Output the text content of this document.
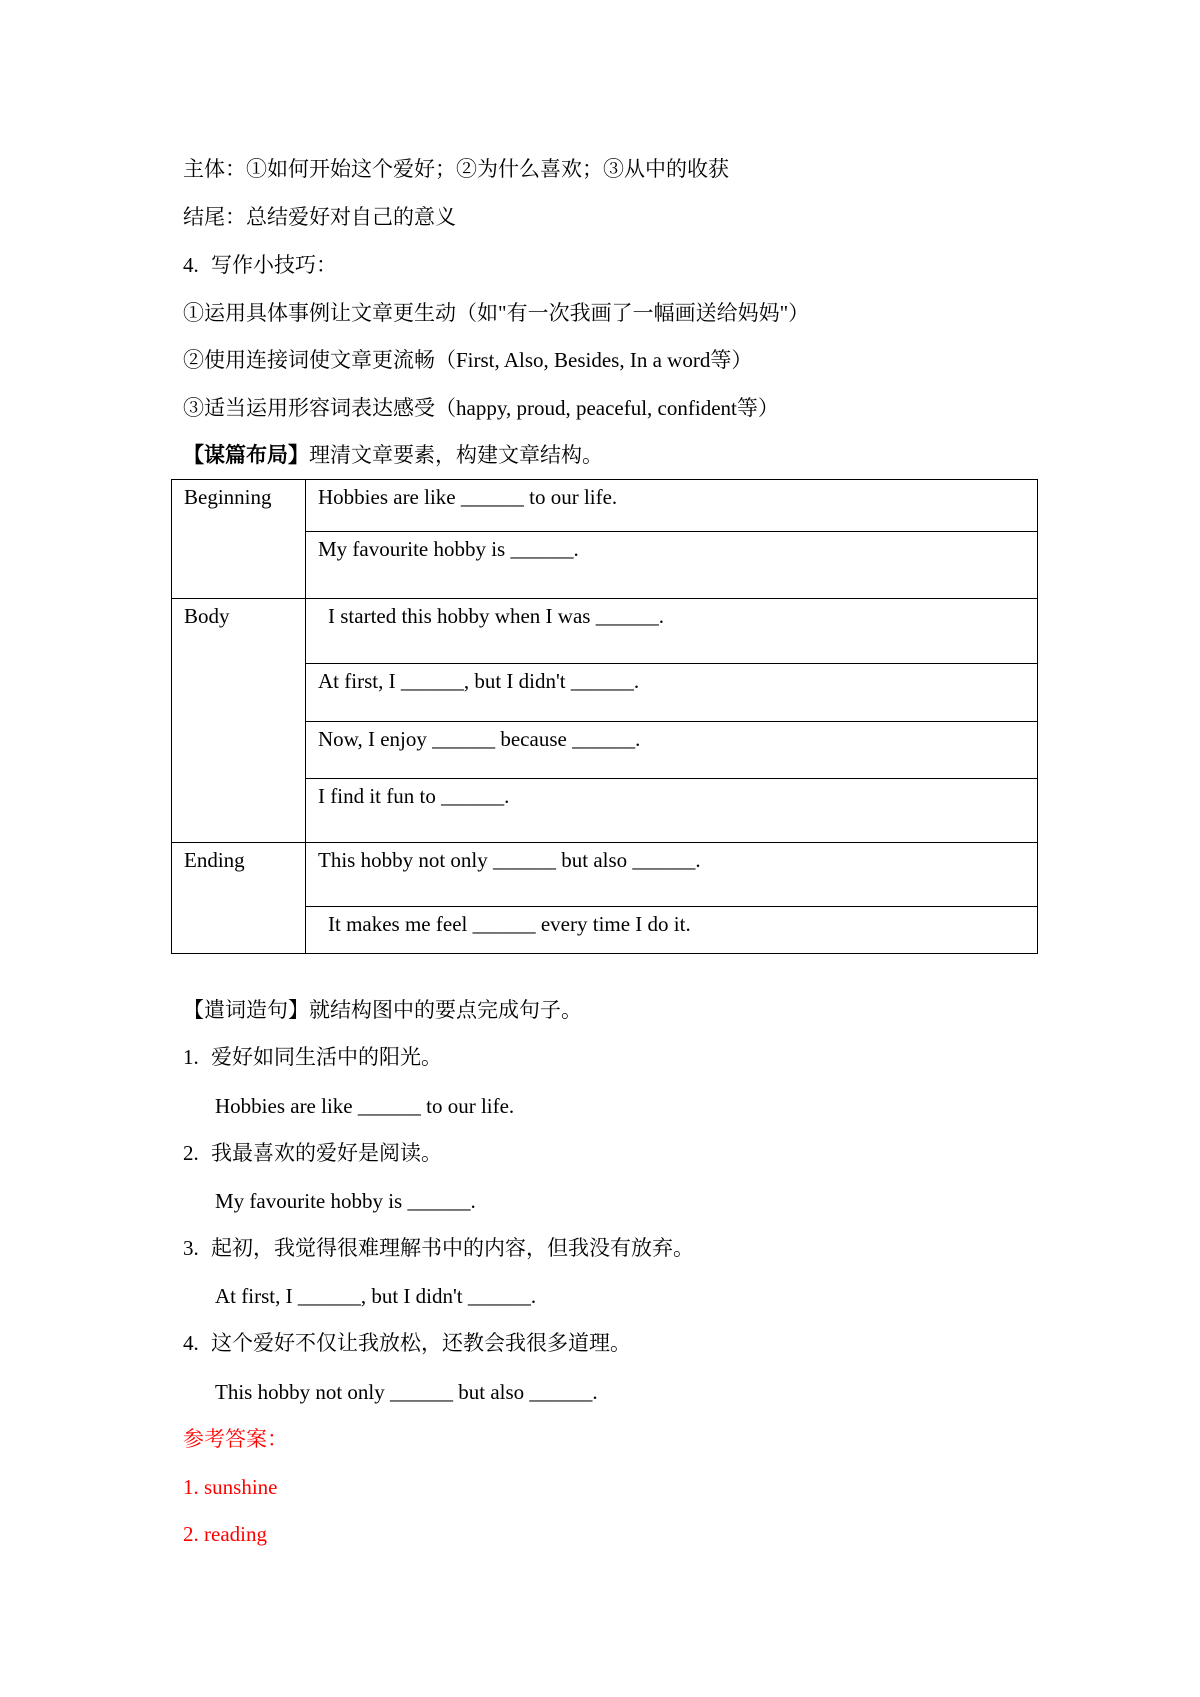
主体：①如何开始这个爱好；②为什么喜欢；③从中的收获
结尾：总结爱好对自己的意义
4. 写作小技巧：
①运用具体事例让文章更生动（如"有一次我画了一幅画送给妈妈"）
②使用连接词使文章更流畅（First, Also, Besides, In a word等）
③适当运用形容词表达感受（happy, proud, peaceful, confident等）
【谋篇布局】理清文章要素，构建文章结构。
Beginning	Hobbies are like ______ to our life.
	My favourite hobby is ______.
Body	I started this hobby when I was ______.
	At first, I ______, but I didn't ______.
	Now, I enjoy ______ because ______.
	I find it fun to ______.
Ending	This hobby not only ______ but also ______.
	It makes me feel ______ every time I do it.
【遣词造句】就结构图中的要点完成句子。
1. 爱好如同生活中的阳光。
Hobbies are like ______ to our life.
2. 我最喜欢的爱好是阅读。
My favourite hobby is ______.
3. 起初，我觉得很难理解书中的内容，但我没有放弃。
At first, I ______, but I didn't ______.
4. 这个爱好不仅让我放松，还教会我很多道理。
This hobby not only ______ but also ______.
参考答案：
1. sunshine
2. reading
